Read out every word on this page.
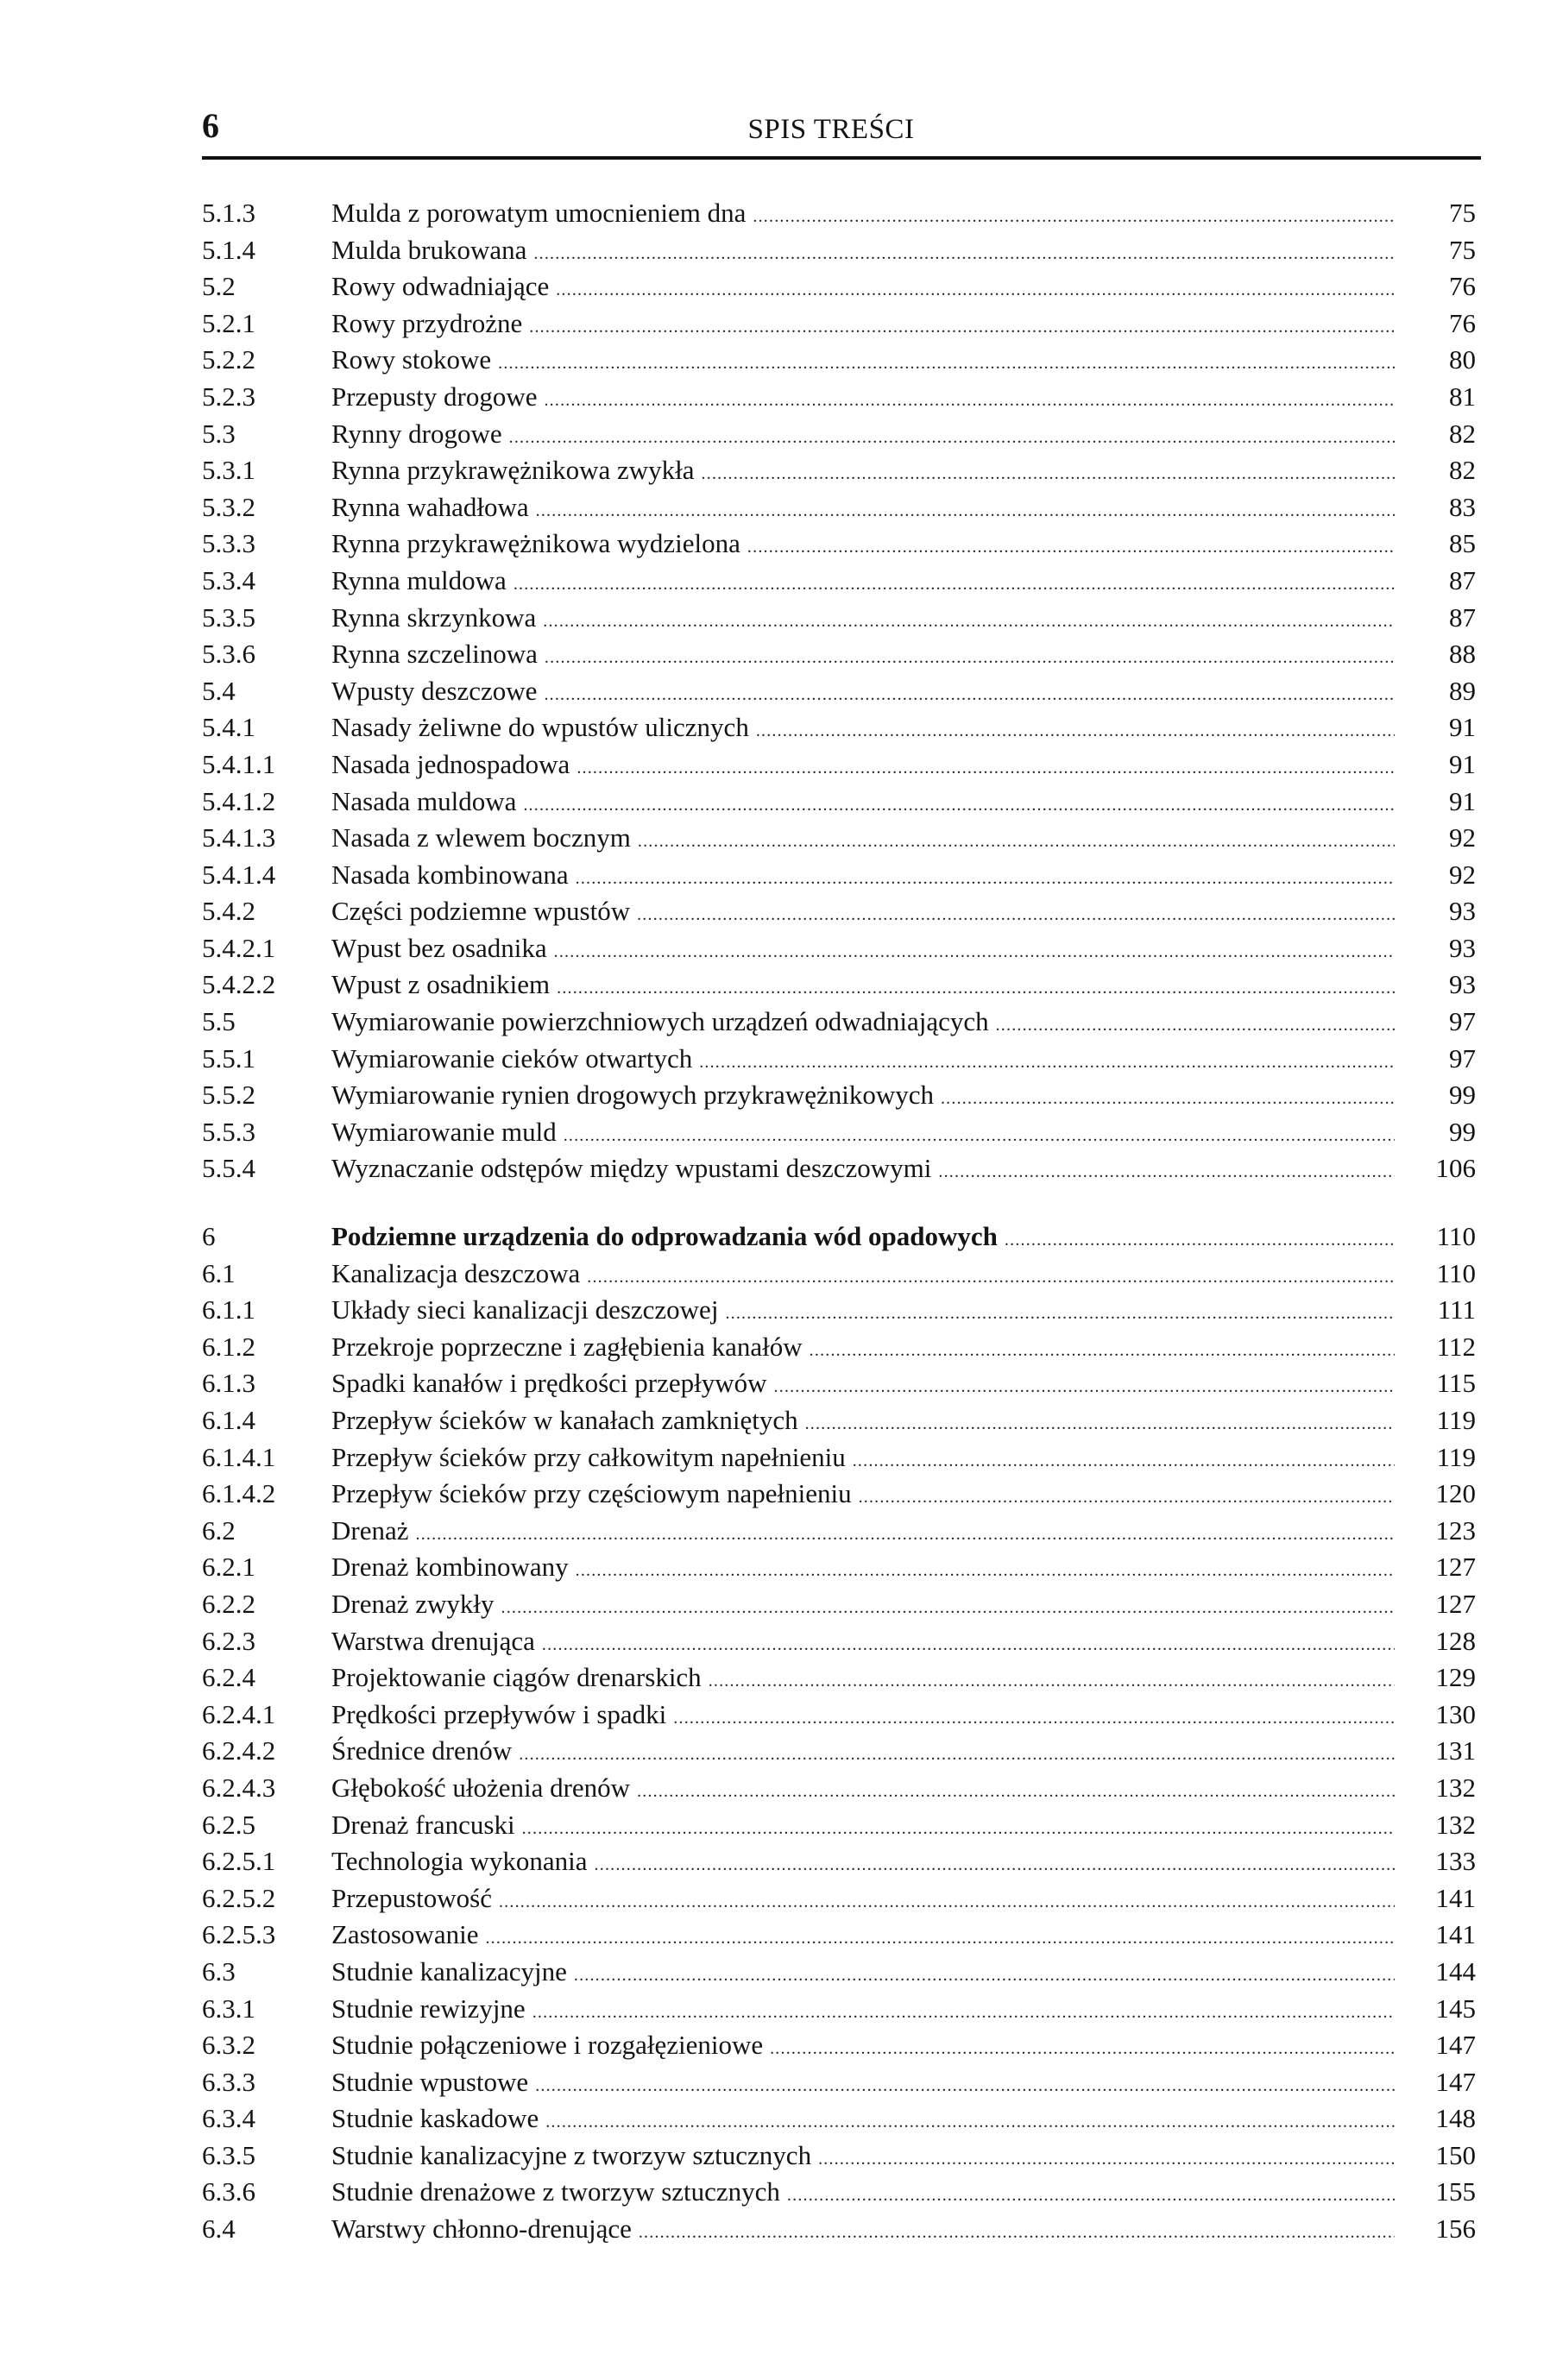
6	SPIS TREŚCI
5.1.3	Mulda z porowatym umocnieniem dna .....	75
5.1.4	Mulda brukowana .....	75
5.2	Rowy odwadniające .....	76
5.2.1	Rowy przydrożne .....	76
5.2.2	Rowy stokowe .....	80
5.2.3	Przepusty drogowe .....	81
5.3	Rynny drogowe .....	82
5.3.1	Rynna przykrawężnikowa zwykła .....	82
5.3.2	Rynna wahadłowa .....	83
5.3.3	Rynna przykrawężnikowa wydzielona .....	85
5.3.4	Rynna muldowa .....	87
5.3.5	Rynna skrzynkowa .....	87
5.3.6	Rynna szczelinowa .....	88
5.4	Wpusty deszczowe .....	89
5.4.1	Nasady żeliwne do wpustów ulicznych .....	91
5.4.1.1	Nasada jednospadowa .....	91
5.4.1.2	Nasada muldowa .....	91
5.4.1.3	Nasada z wlewem bocznym .....	92
5.4.1.4	Nasada kombinowana .....	92
5.4.2	Części podziemne wpustów .....	93
5.4.2.1	Wpust bez osadnika .....	93
5.4.2.2	Wpust z osadnikiem .....	93
5.5	Wymiarowanie powierzchniowych urządzeń odwadniających .....	97
5.5.1	Wymiarowanie cieków otwartych .....	97
5.5.2	Wymiarowanie rynien drogowych przykrawężnikowych .....	99
5.5.3	Wymiarowanie muld .....	99
5.5.4	Wyznaczanie odstępów między wpustami deszczowymi .....	106
6	Podziemne urządzenia do odprowadzania wód opadowych .....	110
6.1	Kanalizacja deszczowa .....	110
6.1.1	Układy sieci kanalizacji deszczowej .....	111
6.1.2	Przekroje poprzeczne i zagłębienia kanałów .....	112
6.1.3	Spadki kanałów i prędkości przepływów .....	115
6.1.4	Przepływ ścieków w kanałach zamkniętych .....	119
6.1.4.1	Przepływ ścieków przy całkowitym napełnieniu .....	119
6.1.4.2	Przepływ ścieków przy częściowym napełnieniu .....	120
6.2	Drenaż .....	123
6.2.1	Drenaż kombinowany .....	127
6.2.2	Drenaż zwykły .....	127
6.2.3	Warstwa drenująca .....	128
6.2.4	Projektowanie ciągów drenarskich .....	129
6.2.4.1	Prędkości przepływów i spadki .....	130
6.2.4.2	Średnice drenów .....	131
6.2.4.3	Głębokość ułożenia drenów .....	132
6.2.5	Drenaż francuski .....	132
6.2.5.1	Technologia wykonania .....	133
6.2.5.2	Przepustowość .....	141
6.2.5.3	Zastosowanie .....	141
6.3	Studnie kanalizacyjne .....	144
6.3.1	Studnie rewizyjne .....	145
6.3.2	Studnie połączeniowe i rozgałęzieniowe .....	147
6.3.3	Studnie wpustowe .....	147
6.3.4	Studnie kaskadowe .....	148
6.3.5	Studnie kanalizacyjne z tworzyw sztucznych .....	150
6.3.6	Studnie drenażowe z tworzyw sztucznych .....	155
6.4	Warstwy chłonno-drenujące .....	156
